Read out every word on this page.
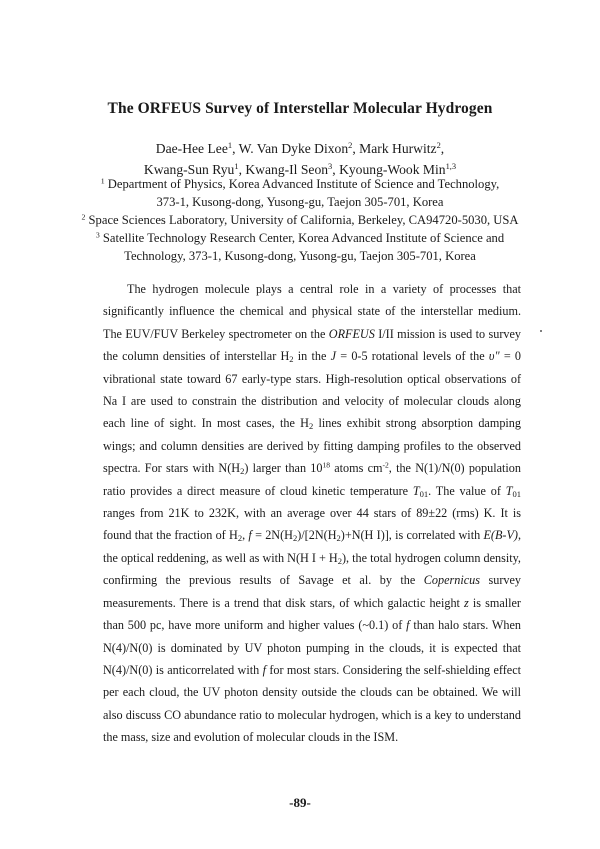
The ORFEUS Survey of Interstellar Molecular Hydrogen
Dae-Hee Lee$^1$, W. Van Dyke Dixon$^2$, Mark Hurwitz$^2$,
Kwang-Sun Ryu$^1$, Kwang-Il Seon$^3$, Kyoung-Wook Min$^{1,3}$
$^1$ Department of Physics, Korea Advanced Institute of Science and Technology,
373-1, Kusong-dong, Yusong-gu, Taejon 305-701, Korea
$^2$ Space Sciences Laboratory, University of California, Berkeley, CA94720-5030, USA
$^3$ Satellite Technology Research Center, Korea Advanced Institute of Science and
Technology, 373-1, Kusong-dong, Yusong-gu, Taejon 305-701, Korea
The hydrogen molecule plays a central role in a variety of processes that significantly influence the chemical and physical state of the interstellar medium. The EUV/FUV Berkeley spectrometer on the ORFEUS I/II mission is used to survey the column densities of interstellar $H_2$ in the J = 0-5 rotational levels of the υ" = 0 vibrational state toward 67 early-type stars. High-resolution optical observations of Na I are used to constrain the distribution and velocity of molecular clouds along each line of sight. In most cases, the $H_2$ lines exhibit strong absorption damping wings; and column densities are derived by fitting damping profiles to the observed spectra. For stars with $N(H_2)$ larger than $10^{18}$ atoms $cm^{-2}$, the N(1)/N(0) population ratio provides a direct measure of cloud kinetic temperature $T_{01}$. The value of $T_{01}$ ranges from 21K to 232K, with an average over 44 stars of 89±22 (rms) K. It is found that the fraction of $H_2$, $f = 2N(H_2)/[2N(H_2)+N(H$ I)], is correlated with E(B-V), the optical reddening, as well as with N(H $I + H_2$), the total hydrogen column density, confirming the previous results of Savage et al. by the Copernicus survey measurements. There is a trend that disk stars, of which galactic height z is smaller than 500 pc, have more uniform and higher values (~0.1) of f than halo stars. When N(4)/N(0) is dominated by UV photon pumping in the clouds, it is expected that N(4)/N(0) is anticorrelated with f for most stars. Considering the self-shielding effect per each cloud, the UV photon density outside the clouds can be obtained. We will also discuss CO abundance ratio to molecular hydrogen, which is a key to understand the mass, size and evolution of molecular clouds in the ISM.
-89-
